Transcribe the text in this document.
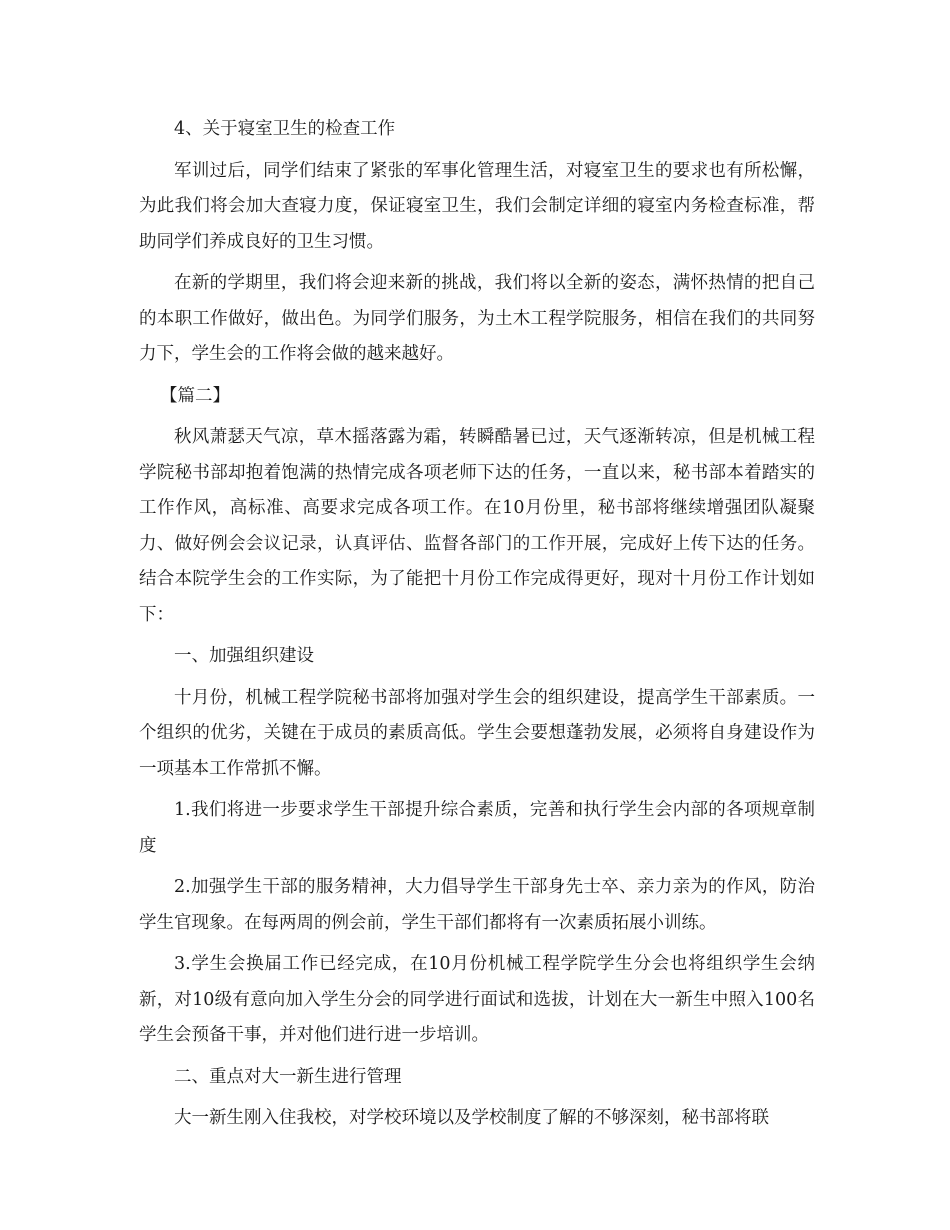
4、关于寝室卫生的检查工作

军训过后，同学们结束了紧张的军事化管理生活，对寝室卫生的要求也有所松懈，为此我们将会加大查寝力度，保证寝室卫生，我们会制定详细的寝室内务检查标准，帮助同学们养成良好的卫生习惯。

在新的学期里，我们将会迎来新的挑战，我们将以全新的姿态，满怀热情的把自己的本职工作做好，做出色。为同学们服务，为土木工程学院服务，相信在我们的共同努力下，学生会的工作将会做的越来越好。

【篇二】

秋风萧瑟天气凉，草木摇落露为霜，转瞬酷暑已过，天气逐渐转凉，但是机械工程学院秘书部却抱着饱满的热情完成各项老师下达的任务，一直以来，秘书部本着踏实的工作作风，高标准、高要求完成各项工作。在10月份里，秘书部将继续增强团队凝聚力、做好例会会议记录，认真评估、监督各部门的工作开展，完成好上传下达的任务。结合本院学生会的工作实际，为了能把十月份工作完成得更好，现对十月份工作计划如下：

一、加强组织建设

十月份，机械工程学院秘书部将加强对学生会的组织建设，提高学生干部素质。一个组织的优劣，关键在于成员的素质高低。学生会要想蓬勃发展，必须将自身建设作为一项基本工作常抓不懈。

1.我们将进一步要求学生干部提升综合素质，完善和执行学生会内部的各项规章制度

2.加强学生干部的服务精神，大力倡导学生干部身先士卒、亲力亲为的作风，防治学生官现象。在每两周的例会前，学生干部们都将有一次素质拓展小训练。

3.学生会换届工作已经完成，在10月份机械工程学院学生分会也将组织学生会纳新，对10级有意向加入学生分会的同学进行面试和选拔，计划在大一新生中照入100名学生会预备干事，并对他们进行进一步培训。

二、重点对大一新生进行管理

大一新生刚入住我校，对学校环境以及学校制度了解的不够深刻，秘书部将联
